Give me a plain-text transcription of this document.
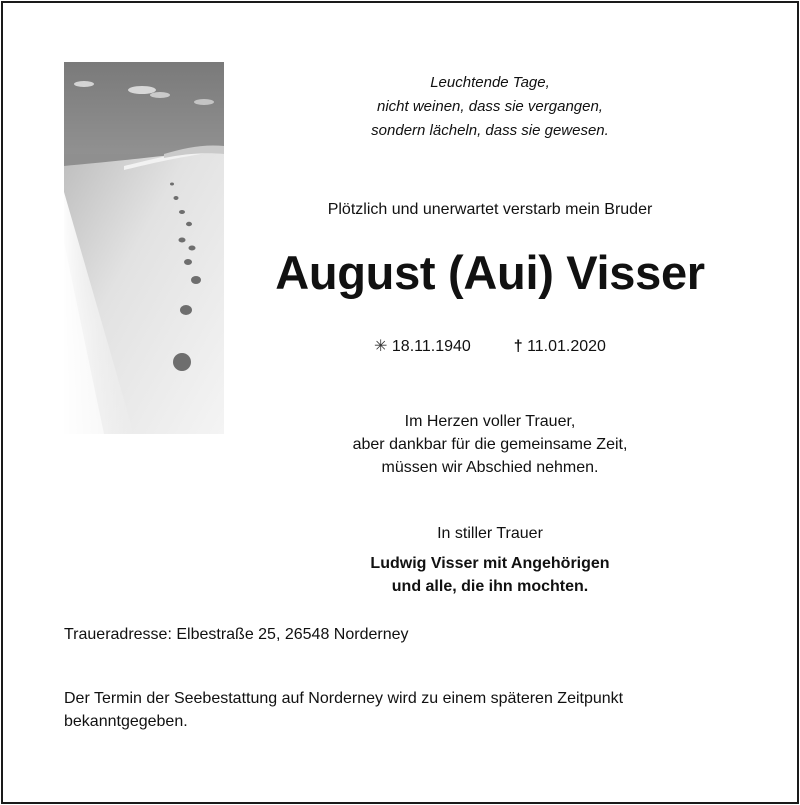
Leuchtende Tage,
nicht weinen, dass sie vergangen,
sondern lächeln, dass sie gewesen.
Plötzlich und unerwartet verstarb mein Bruder
August (Aui) Visser
✳ 18.11.1940	† 11.01.2020
Im Herzen voller Trauer,
aber dankbar für die gemeinsame Zeit,
müssen wir Abschied nehmen.
In stiller Trauer
Ludwig Visser mit Angehörigen
und alle, die ihn mochten.
Traueradresse: Elbestraße 25, 26548 Norderney
Der Termin der Seebestattung auf Norderney wird zu einem späteren Zeitpunkt
bekanntgegeben.
